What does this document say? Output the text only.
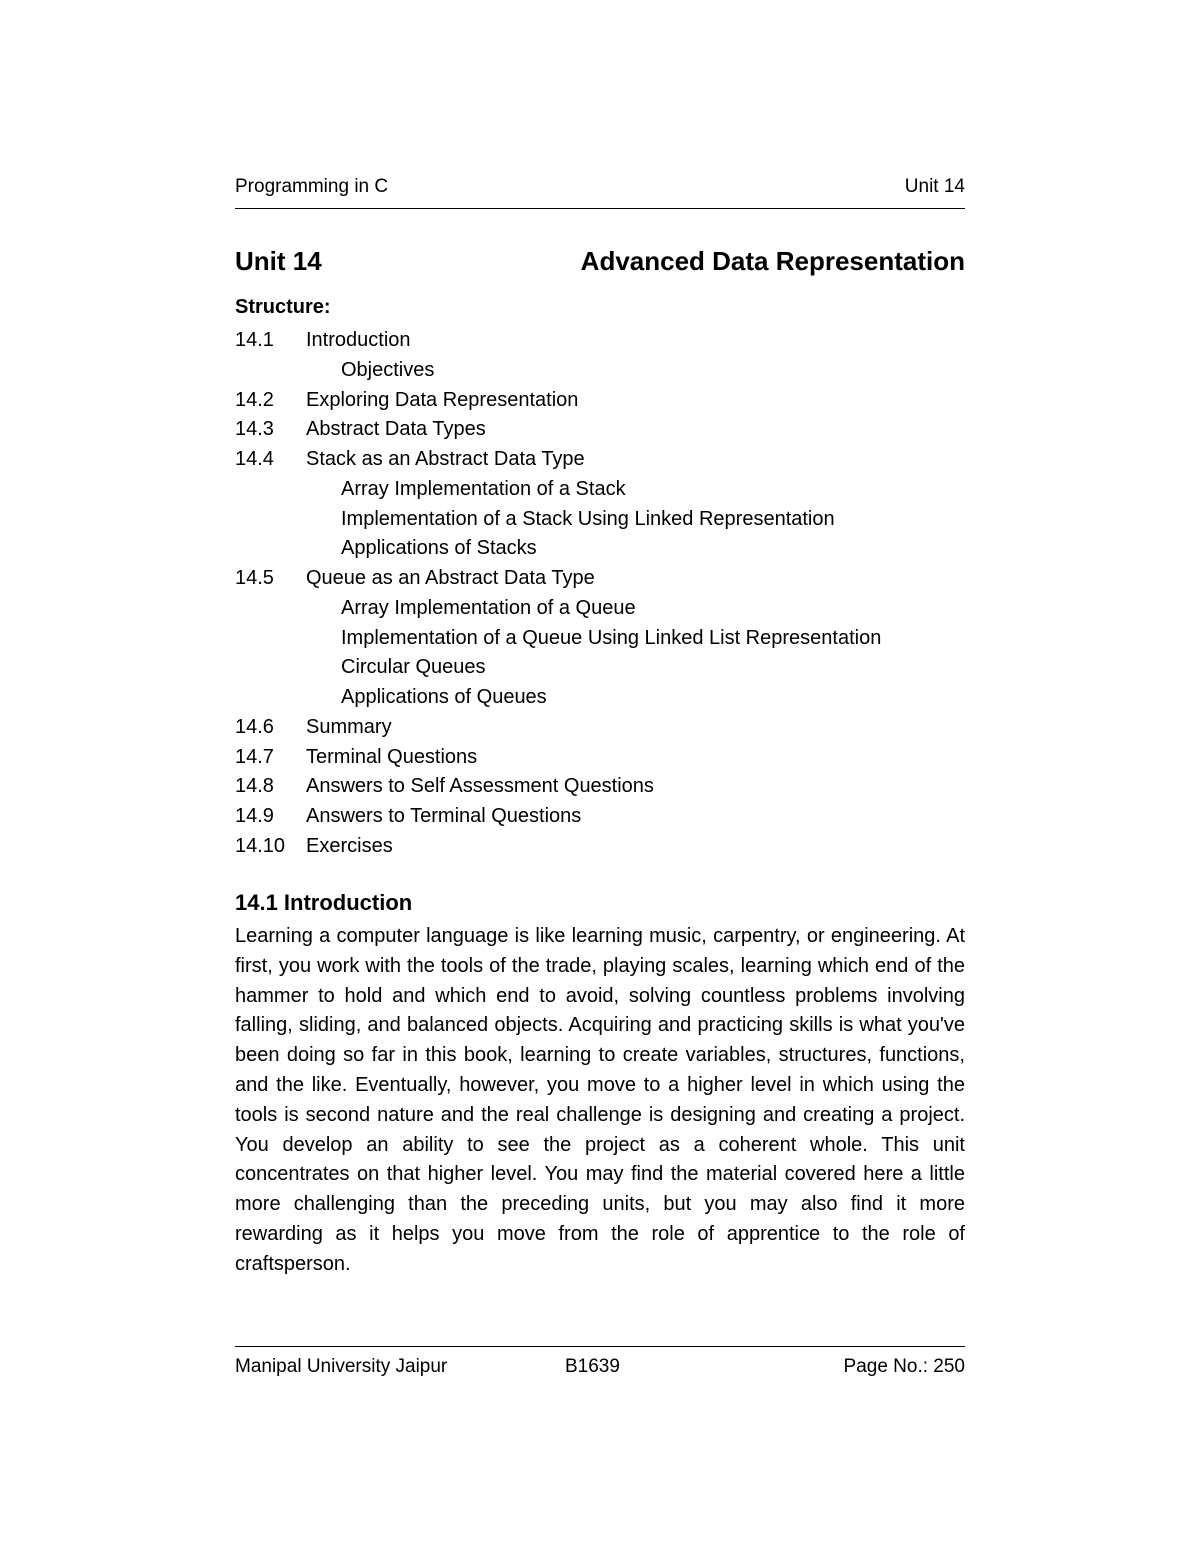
Programming in C	Unit 14
Unit 14	Advanced Data Representation
Structure:
14.1 Introduction
Objectives
14.2 Exploring Data Representation
14.3 Abstract Data Types
14.4 Stack as an Abstract Data Type
Array Implementation of a Stack
Implementation of a Stack Using Linked Representation
Applications of Stacks
14.5 Queue as an Abstract Data Type
Array Implementation of a Queue
Implementation of a Queue Using Linked List Representation
Circular Queues
Applications of Queues
14.6 Summary
14.7 Terminal Questions
14.8 Answers to Self Assessment Questions
14.9 Answers to Terminal Questions
14.10 Exercises
14.1 Introduction

Learning a computer language is like learning music, carpentry, or engineering. At first, you work with the tools of the trade, playing scales, learning which end of the hammer to hold and which end to avoid, solving countless problems involving falling, sliding, and balanced objects. Acquiring and practicing skills is what you've been doing so far in this book, learning to create variables, structures, functions, and the like. Eventually, however, you move to a higher level in which using the tools is second nature and the real challenge is designing and creating a project. You develop an ability to see the project as a coherent whole. This unit concentrates on that higher level. You may find the material covered here a little more challenging than the preceding units, but you may also find it more rewarding as it helps you move from the role of apprentice to the role of craftsperson.

Manipal University Jaipur	B1639	Page No.: 250
